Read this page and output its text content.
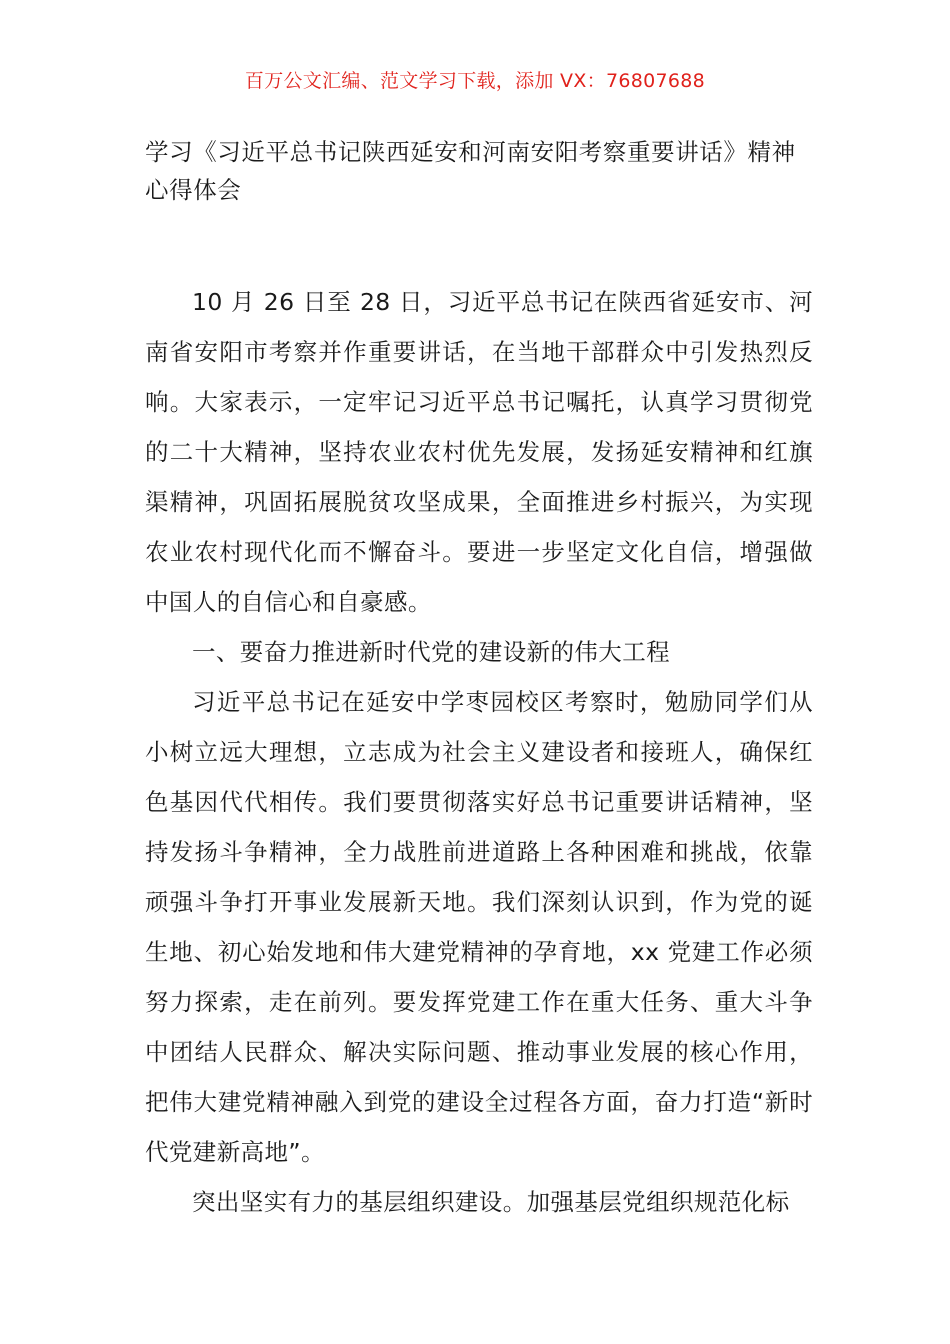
百万公文汇编、范文学习下载，添加 VX：76807688
学习《习近平总书记陕西延安和河南安阳考察重要讲话》精神心得体会

10 月 26 日至 28 日，习近平总书记在陕西省延安市、河南省安阳市考察并作重要讲话，在当地干部群众中引发热烈反响。大家表示，一定牢记习近平总书记嘱托，认真学习贯彻党的二十大精神，坚持农业农村优先发展，发扬延安精神和红旗渠精神，巩固拓展脱贫攻坚成果，全面推进乡村振兴，为实现农业农村现代化而不懈奋斗。要进一步坚定文化自信，增强做中国人的自信心和自豪感。

一、要奋力推进新时代党的建设新的伟大工程

习近平总书记在延安中学枣园校区考察时，勉励同学们从小树立远大理想，立志成为社会主义建设者和接班人，确保红色基因代代相传。我们要贯彻落实好总书记重要讲话精神，坚持发扬斗争精神，全力战胜前进道路上各种困难和挑战，依靠顽强斗争打开事业发展新天地。我们深刻认识到，作为党的诞生地、初心始发地和伟大建党精神的孕育地，xx 党建工作必须努力探索，走在前列。要发挥党建工作在重大任务、重大斗争中团结人民群众、解决实际问题、推动事业发展的核心作用，把伟大建党精神融入到党的建设全过程各方面，奋力打造“新时代党建新高地”。

突出坚实有力的基层组织建设。加强基层党组织规范化标
